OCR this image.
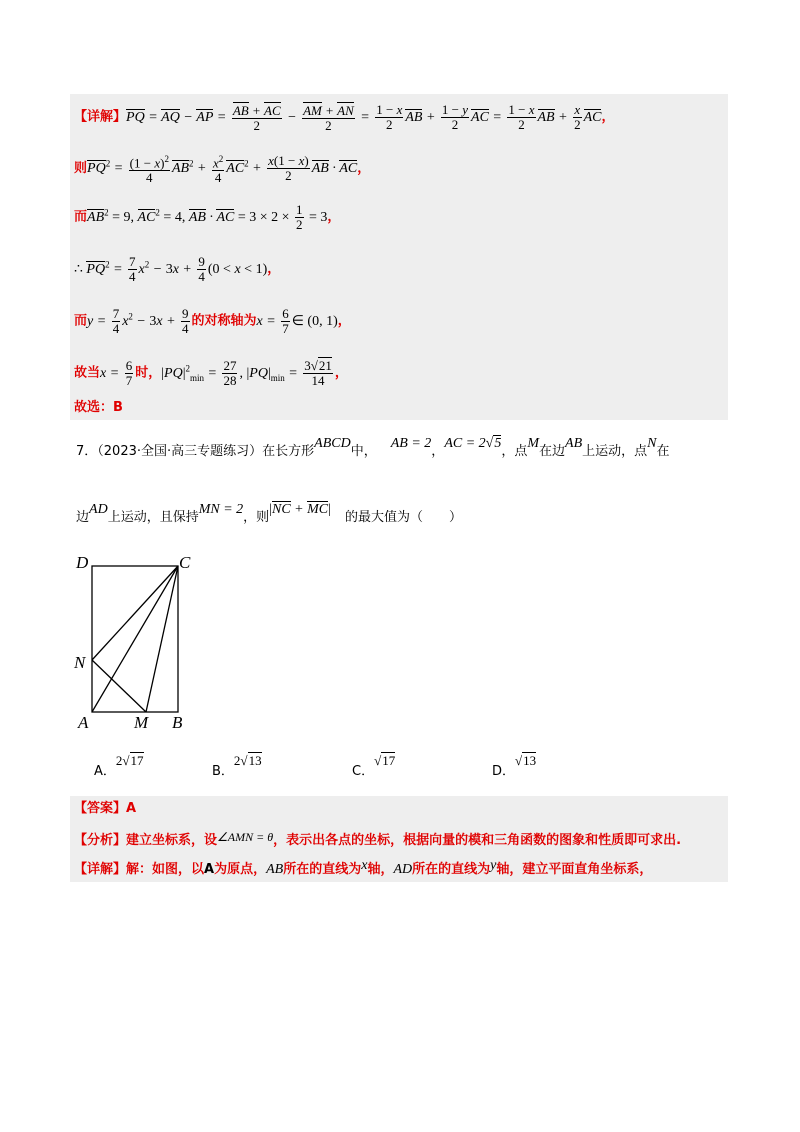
【详解】PQ = AQ − AP = $\frac{AB + AC}{2} - \frac{AM + AN}{2} = \frac{1 - x}{2}$ AB + $\frac{1 - y}{2}$ AC = $\frac{1 - x}{2}$ AB + $\frac{x}{2}$ AC，
则$PQ^2 = \frac{(1 - x)^2}{4} AB^2 + \frac{x^2}{4} AC^2 + \frac{x(1 - x)}{2}$ AB · AC，
而$AB^2 = 9$, $AC^2 = 4$, AB · AC = $3 \times 2 \times \frac{1}{2} = 3$，
∴ $PQ^2 = \frac{7}{4} x^2 - 3x + \frac{9}{4} (0 < x < 1)$，
而$y = \frac{7}{4} x^2 - 3x + \frac{9}{4}$ 的对称轴为$x = \frac{6}{7}$ ∈ (0, 1)，
故当$x = \frac{6}{7}$ 时，$|PQ|^2_{min} = \frac{27}{28}$ , $|PQ|_{min} = \frac{3√21}{14}$ ，
故选：B
7．（2023·全国·高三专题练习）在长方形ABCD中， AB = 2，AC = 2√5，点M在边AB上运动，点N在
边AD上运动，且保持MN = 2，则|NC + MC| 的最大值为（　　）
D	C
N
A	M B
A．2√17
B．2√13
C．√17
D．√13
【答案】A
【分析】建立坐标系，设∠AMN = θ，表示出各点的坐标，根据向量的模和三角函数的图象和性质即可求出.
【详解】解：如图，以A为原点，AB所在的直线为x轴，AD所在的直线为y轴，建立平面直角坐标系，
